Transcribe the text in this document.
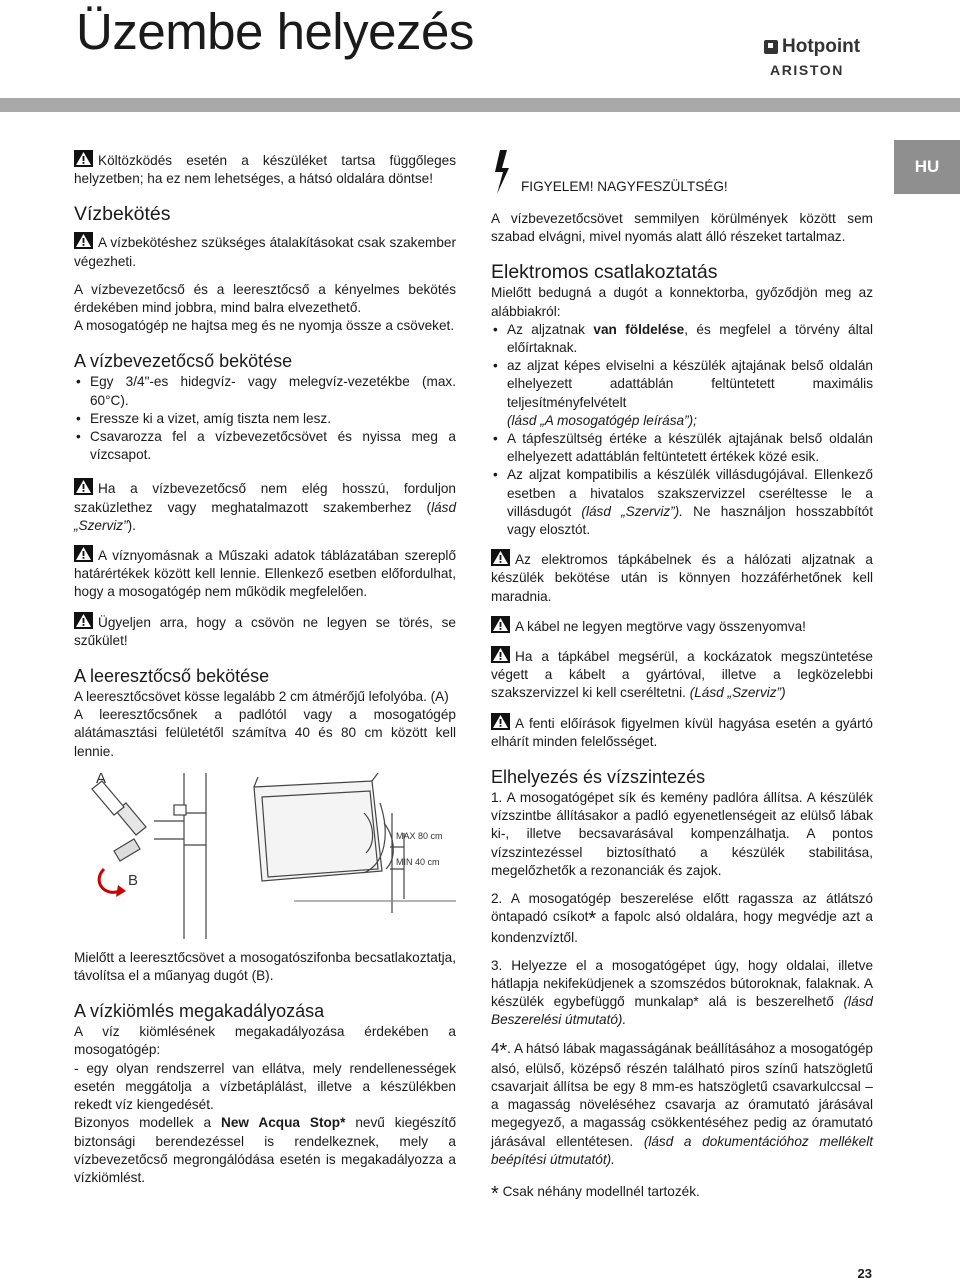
Üzembe helyezés	Hotpoint
ARISTON
HU

Költözködés esetén a készüléket tartsa függőleges helyzetben; ha ez nem lehetséges, a hátsó oldalára döntse!

Vízbekötés

A vízbekötéshez szükséges átalakításokat csak szakember végezheti.

A vízbevezetőcső és a leeresztőcső a kényelmes bekötés érdekében mind jobbra, mind balra elvezethető.

A mosogatógép ne hajtsa meg és ne nyomja össze a csöveket.

A vízbevezetőcső bekötése
• Egy 3/4"-es hidegvíz- vagy melegvíz-vezetékbe (max. 60°C).
• Eressze ki a vizet, amíg tiszta nem lesz.
• Csavarozza fel a vízbevezetőcsövet és nyissa meg a vízcsapot.

Ha a vízbevezetőcső nem elég hosszú, forduljon szaküzlethez vagy meghatalmazott szakemberhez (lásd „Szerviz”).

A víznyomásnak a Műszaki adatok táblázatában szereplő határértékek között kell lennie. Ellenkező esetben előfordulhat, hogy a mosogatógép nem működik megfelelően.

Ügyeljen arra, hogy a csövön ne legyen se törés, se szűkület!

A leeresztőcső bekötése

A leeresztőcsövet kösse legalább 2 cm átmérőjű lefolyóba. (A)

A leeresztőcsőnek a padlótól vagy a mosogatógép alátámasztási felületétől számítva 40 és 80 cm között kell lennie.

A
B
MAX 80 cm
MIN 40 cm

Mielőtt a leeresztőcsövet a mosogatószifonba becsatlakoztatja, távolítsa el a műanyag dugót (B).

A vízkiömlés megakadályozása

A víz kiömlésének megakadályozása érdekében a mosogatógép:

- egy olyan rendszerrel van ellátva, mely rendellenességek esetén meggátolja a vízbetáplálást, illetve a készülékben rekedt víz kiengedését.

Bizonyos modellek a New Acqua Stop* nevű kiegészítő biztonsági berendezéssel is rendelkeznek, mely a vízbevezetőcső megrongálódása esetén is megakadályozza a vízkiömlést.

FIGYELEM! NAGYFESZÜLTSÉG!

A vízbevezetőcsövet semmilyen körülmények között sem szabad elvágni, mivel nyomás alatt álló részeket tartalmaz.

Elektromos csatlakoztatás

Mielőtt bedugná a dugót a konnektorba, győződjön meg az alábbiakról:

• Az aljzatnak van földelése, és megfelel a törvény által előírtaknak.
• az aljzat képes elviselni a készülék ajtajának belső oldalán elhelyezett adattáblán feltüntetett maximális teljesítményfelvételt
(lásd „A mosogatógép leírása”);
• A tápfeszültség értéke a készülék ajtajának belső oldalán elhelyezett adattáblán feltüntetett értékek közé esik.
• Az aljzat kompatibilis a készülék villásdugójával. Ellenkező esetben a hivatalos szakszervizzel cseréltesse le a villásdugót (lásd „Szerviz”). Ne használjon hosszabbítót vagy elosztót.

Az elektromos tápkábelnek és a hálózati aljzatnak a készülék bekötése után is könnyen hozzáférhetőnek kell maradnia.

A kábel ne legyen megtörve vagy összenyomva!

Ha a tápkábel megsérül, a kockázatok megszüntetése végett a kábelt a gyártóval, illetve a legközelebbi szakszervizzel ki kell cseréltetni. (Lásd „Szerviz”)

A fenti előírások figyelmen kívül hagyása esetén a gyártó elhárít minden felelősséget.

Elhelyezés és vízszintezés

1. A mosogatógépet sík és kemény padlóra állítsa. A készülék vízszintbe állításakor a padló egyenetlenségeit az elülső lábak ki-, illetve becsavarásával kompenzálhatja. A pontos vízszintezéssel biztosítható a készülék stabilitása, megelőzhetők a rezonanciák és zajok.

2. A mosogatógép beszerelése előtt ragassza az átlátszó öntapadó csíkot* a fapolc alsó oldalára, hogy megvédje azt a kondenzvíztől.

3. Helyezze el a mosogatógépet úgy, hogy oldalai, illetve hátlapja nekifeküdjenek a szomszédos bútoroknak, falaknak. A készülék egybefüggő munkalap* alá is beszerelhető (lásd Beszerelési útmutató).

4*. A hátsó lábak magasságának beállításához a mosogatógép alsó, elülső, középső részén található piros színű hatszögletű csavarjait állítsa be egy 8 mm-es hatszögletű csavarkulccsal – a magasság növeléséhez csavarja az óramutató járásával megegyező, a magasság csökkentéséhez pedig az óramutató járásával ellentétesen. (lásd a dokumentációhoz mellékelt beépítési útmutatót).

* Csak néhány modellnél tartozék.

23
